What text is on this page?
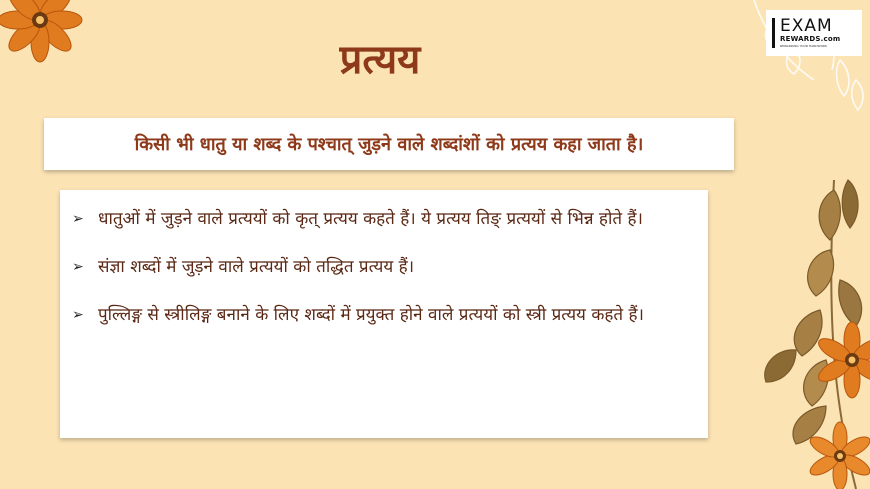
EXAM
REWARDS.com
REWARDING YOUR HARDWORK
प्रत्यय
किसी भी धातु या शब्द के पश्चात् जुड़ने वाले शब्दांशों को प्रत्यय कहा जाता है।
➢ धातुओं में जुड़ने वाले प्रत्ययों को कृत् प्रत्यय कहते हैं। ये प्रत्यय तिङ् प्रत्ययों से भिन्न होते हैं।
➢ संज्ञा शब्दों में जुड़ने वाले प्रत्ययों को तद्धित प्रत्यय हैं।
➢ पुल्लिङ्ग से स्त्रीलिङ्ग बनाने के लिए शब्दों में प्रयुक्त होने वाले प्रत्ययों को स्त्री प्रत्यय कहते हैं।
